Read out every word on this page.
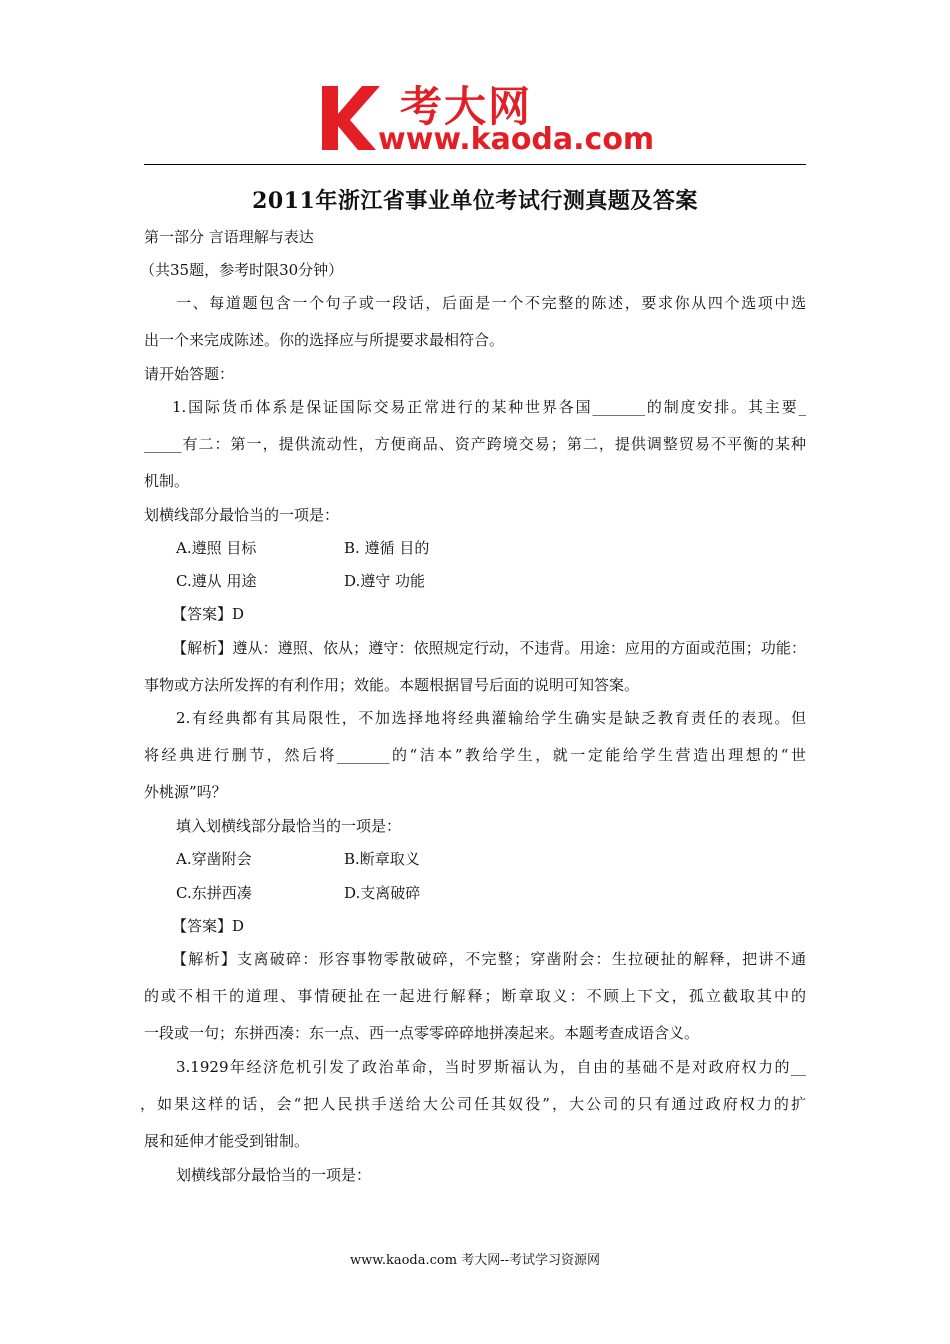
考大网
www.kaoda.com
2011年浙江省事业单位考试行测真题及答案
第一部分 言语理解与表达
（共35题，参考时限30分钟）
一、每道题包含一个句子或一段话，后面是一个不完整的陈述，要求你从四个选项中选
出一个来完成陈述。你的选择应与所提要求最相符合。
请开始答题：
1.国际货币体系是保证国际交易正常进行的某种世界各国_______的制度安排。其主要_
_____有二：第一，提供流动性，方便商品、资产跨境交易；第二，提供调整贸易不平衡的某种
机制。
划横线部分最恰当的一项是：
A.遵照 目标	B. 遵循 目的
C.遵从 用途	D.遵守 功能
【答案】D
【解析】遵从：遵照、依从；遵守：依照规定行动，不违背。用途：应用的方面或范围；功能：
事物或方法所发挥的有利作用；效能。本题根据冒号后面的说明可知答案。
2.有经典都有其局限性，不加选择地将经典灌输给学生确实是缺乏教育责任的表现。但
将经典进行删节，然后将_______的“洁本”教给学生，就一定能给学生营造出理想的“世
外桃源”吗？
填入划横线部分最恰当的一项是：
A.穿凿附会	B.断章取义
C.东拼西凑	D.支离破碎
【答案】D
【解析】支离破碎：形容事物零散破碎，不完整；穿凿附会：生拉硬扯的解释，把讲不通
的或不相干的道理、事情硬扯在一起进行解释；断章取义：不顾上下文，孤立截取其中的
一段或一句；东拼西凑：东一点、西一点零零碎碎地拼凑起来。本题考查成语含义。
3.1929年经济危机引发了政治革命，当时罗斯福认为，自由的基础不是对政府权力的__
，如果这样的话，会“把人民拱手送给大公司任其奴役”，大公司的只有通过政府权力的扩
展和延伸才能受到钳制。
划横线部分最恰当的一项是：
www.kaoda.com 考大网--考试学习资源网
